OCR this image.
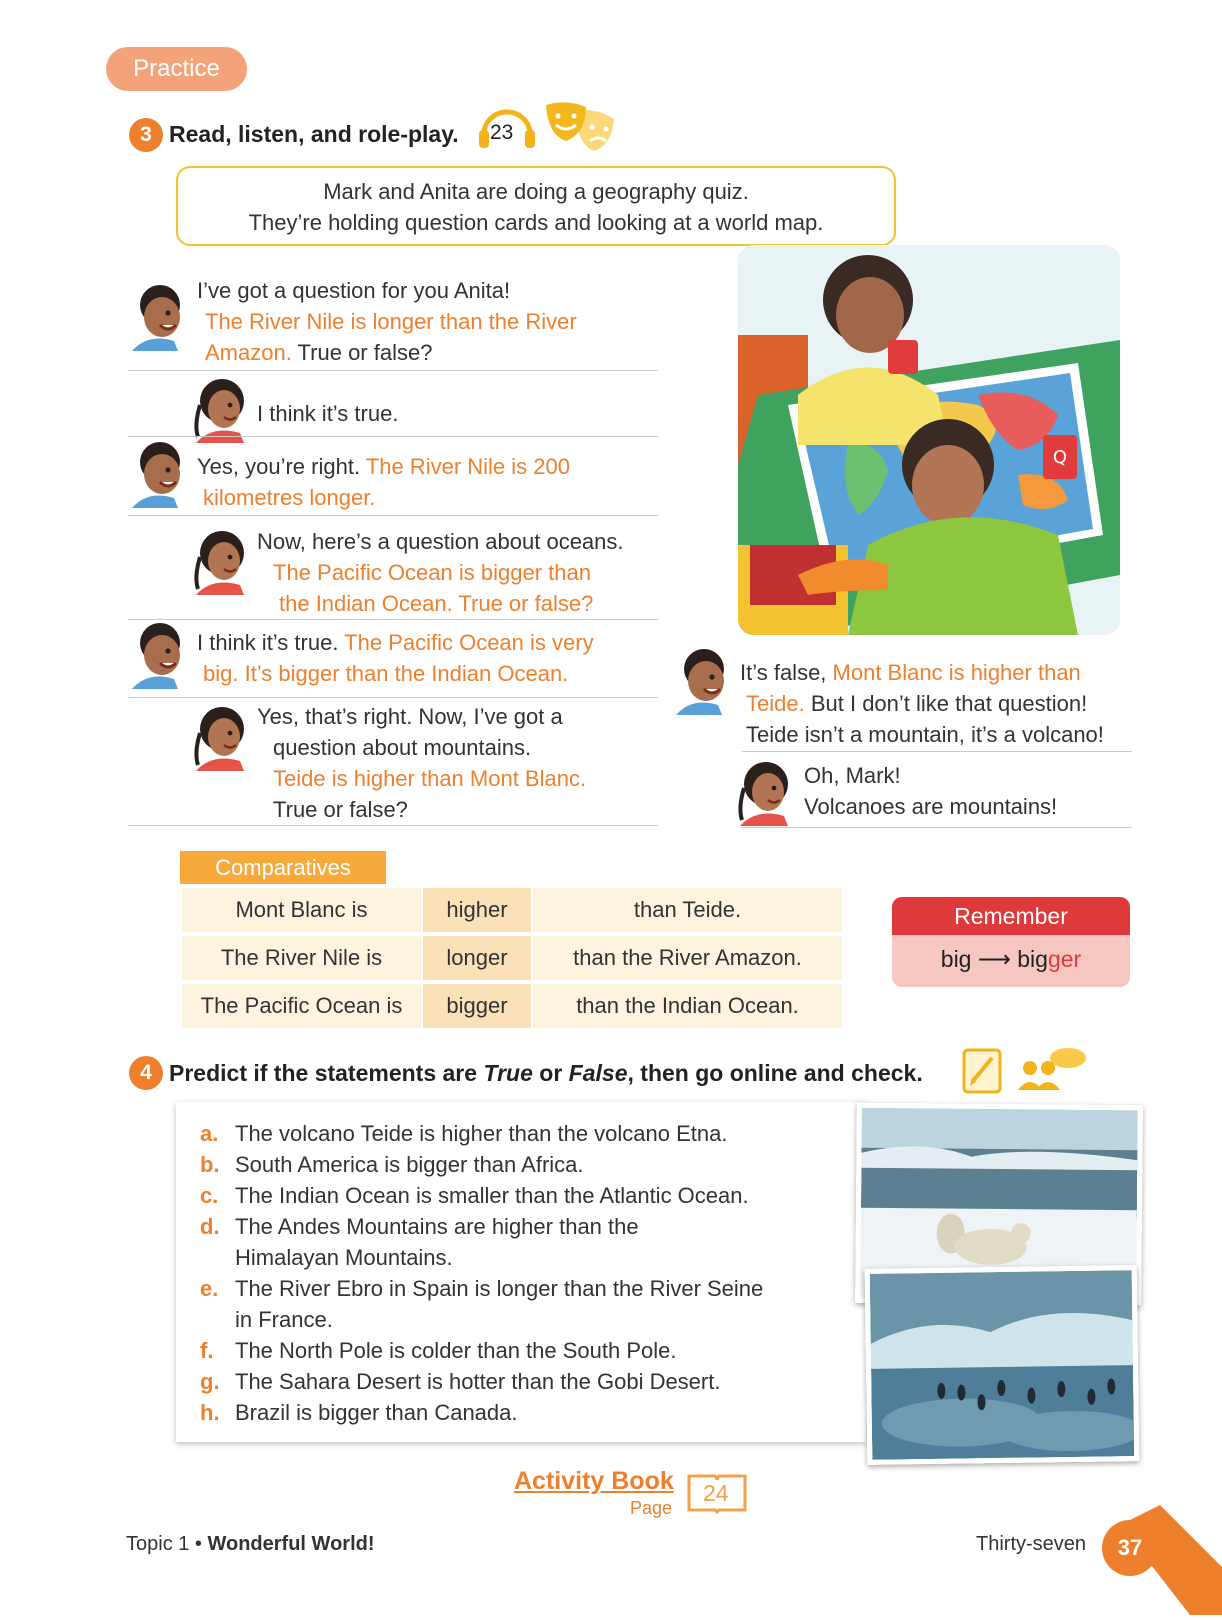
Practice
3 Read, listen, and role-play. 23
Mark and Anita are doing a geography quiz.
They’re holding question cards and looking at a world map.
I’ve got a question for you Anita!
The River Nile is longer than the River
Amazon. True or false?
I think it’s true.
Yes, you’re right. The River Nile is 200
kilometres longer.
Now, here’s a question about oceans.
The Pacific Ocean is bigger than
the Indian Ocean. True or false?
I think it’s true. The Pacific Ocean is very
big. It’s bigger than the Indian Ocean.
Yes, that’s right. Now, I’ve got a
question about mountains.
Teide is higher than Mont Blanc.
True or false?
It’s false, Mont Blanc is higher than
Teide. But I don’t like that question!
Teide isn’t a mountain, it’s a volcano!
Oh, Mark!
Volcanoes are mountains!
Q
Comparatives
Mont Blanc is	higher	than Teide.
The River Nile is	longer	than the River Amazon.
The Pacific Ocean is	bigger	than the Indian Ocean.
Remember
big ⟶ bigger
4 Predict if the statements are True or False, then go online and check.
a. The volcano Teide is higher than the volcano Etna.
b. South America is bigger than Africa.
c. The Indian Ocean is smaller than the Atlantic Ocean.
d. The Andes Mountains are higher than the
Himalayan Mountains.
e. The River Ebro in Spain is longer than the River Seine
in France.
f. The North Pole is colder than the South Pole.
g. The Sahara Desert is hotter than the Gobi Desert.
h. Brazil is bigger than Canada.
Activity Book
Page
24
Topic 1 • Wonderful World!	Thirty-seven	37
